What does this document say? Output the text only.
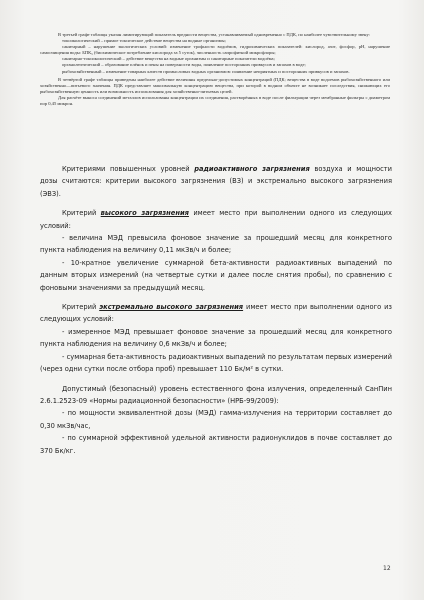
В третьей графе таблицы указан лимитирующий показатель вредности вещества, устанавливаемый одновременно с ПДК, по наиболее чувствительному звену:

токсикологический – прямое токсическое действие вещества на водные организмы;

санитарный – нарушение экологических условий: изменение трофности водоёмов, гидрохимических показателей: кислород, азот, фосфор, pH, нарушение самоочищения воды: БПК₅ (биохимическое потребление кислорода за 5 суток), численность сапрофитной микрофлоры;

санитарно-токсикологический – действие вещества на водные организмы и санитарные показатели водоёма;

органолептический – образование плёнок и пены на поверхности воды, появление посторонних привкусов и запахов в воде;

рыбохозяйственный – изменение товарных качеств промысловых водных организмов: появление неприятных и посторонних привкусов и запахов.

В четвёртой графе таблицы приведены наиболее действие величины предельно-допустимых концентраций (ПДК; вещества в воде водоемов рыбохозяйственного или хозяйственно—питьевого значения. ПДК представляет максимальную концентрацию вещества, при которой в водном объекте не возникает последствия, снижающих его рыбохозяйственную ценность или возможность использования для хозяйственно-питьевых целей.

Для расчёте выноса соединений металлов использованы концентрации их соединения, растворённых в воде после фильтрации через мембранные фильтры с диаметром пор 0,45 микрон.

Критериями повышенных уровней радиоактивного загрязнения воздуха и мощности дозы считаются: критерии высокого загрязнения (ВЗ) и экстремально высокого загрязнения (ЭВЗ).

Критерий высокого загрязнения имеет место при выполнении одного из следующих условий:

- величина МЭД превысила фоновое значение за прошедший месяц для конкретного пункта наблюдения на величину 0,11 мкЗв/ч и более;

- 10-кратное увеличение суммарной бета-активности радиоактивных выпадений по данным вторых измерений (на четвертые сутки и далее после снятия пробы), по сравнению с фоновыми значениями за предыдущий месяц.

Критерий экстремально высокого загрязнения имеет место при выполнении одного из следующих условий:

- измеренное МЭД превышает фоновое значение за прошедший месяц для конкретного пункта наблюдения на величину 0,6 мкЗв/ч и более;

- суммарная бета-активность радиоактивных выпадений по результатам первых измерений (через одни сутки после отбора проб) превышает 110 Бк/м² в сутки.

Допустимый (безопасный) уровень естественного фона излучения, определенный СанПин 2.6.1.2523-09 «Нормы радиационной безопасности» (НРБ-99/2009):

- по мощности эквивалентной дозы (МЭД) гамма-излучения на территории составляет до 0,30 мкЗв/час,

- по суммарной эффективной удельной активности радионуклидов в почве составляет до 370 Бк/кг.

12
